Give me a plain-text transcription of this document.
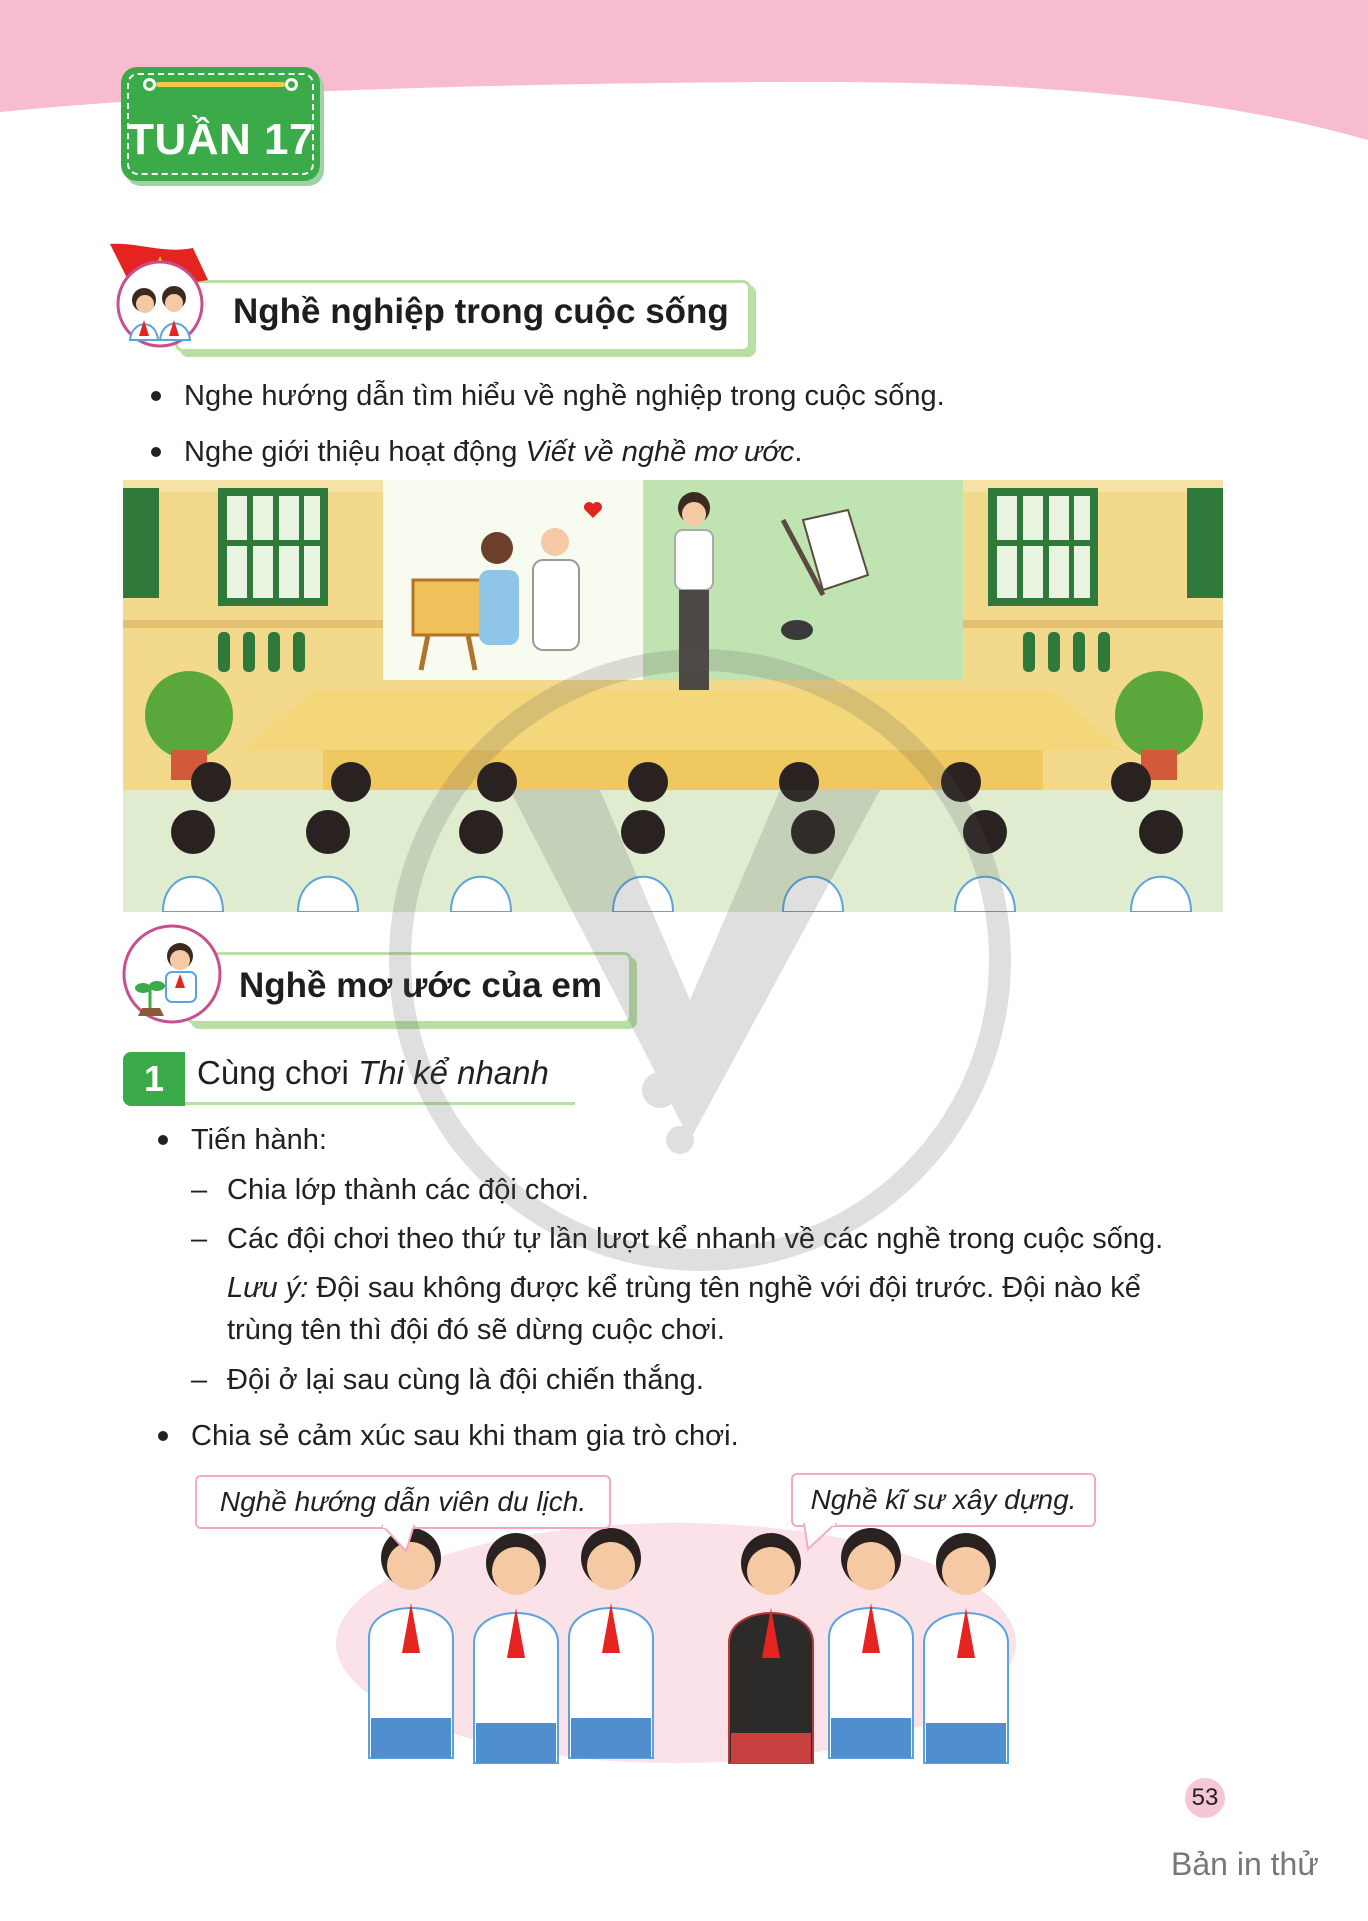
TUẦN 17
Nghề nghiệp trong cuộc sống
Nghe hướng dẫn tìm hiểu về nghề nghiệp trong cuộc sống.
Nghe giới thiệu hoạt động Viết về nghề mơ ước.
Nghề mơ ước của em
1 Cùng chơi Thi kể nhanh
Tiến hành:
– Chia lớp thành các đội chơi.
– Các đội chơi theo thứ tự lần lượt kể nhanh về các nghề trong cuộc sống.
Lưu ý: Đội sau không được kể trùng tên nghề với đội trước. Đội nào kể
trùng tên thì đội đó sẽ dừng cuộc chơi.
– Đội ở lại sau cùng là đội chiến thắng.
Chia sẻ cảm xúc sau khi tham gia trò chơi.
Nghề hướng dẫn viên du lịch.	Nghề kĩ sư xây dựng.
53
Bản in thử
